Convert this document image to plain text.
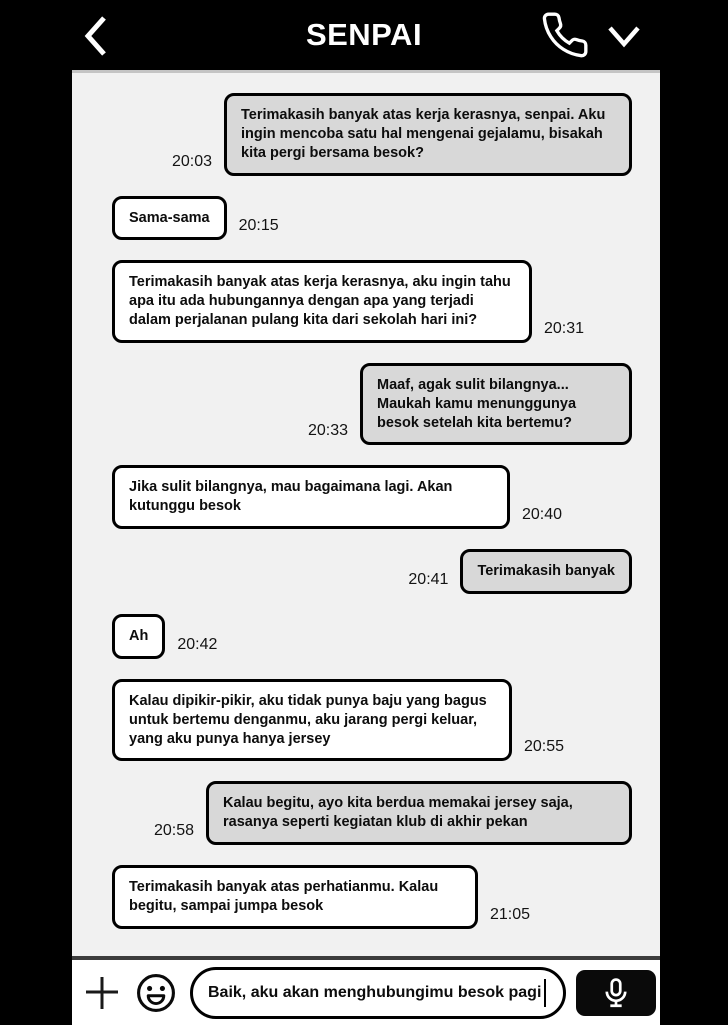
SENPAI
20:03
Terimakasih banyak atas kerja kerasnya, senpai. Aku ingin mencoba satu hal mengenai gejalamu, bisakah kita pergi bersama besok?
Sama-sama	20:15
Terimakasih banyak atas kerja kerasnya, aku ingin tahu apa itu ada hubungannya dengan apa yang terjadi dalam perjalanan pulang kita dari sekolah hari ini?	20:31
20:33
Maaf, agak sulit bilangnya... Maukah kamu menunggunya besok setelah kita bertemu?
Jika sulit bilangnya, mau bagaimana lagi. Akan kutunggu besok	20:40
20:41	Terimakasih banyak
Ah	20:42
Kalau dipikir-pikir, aku tidak punya baju yang bagus untuk bertemu denganmu, aku jarang pergi keluar, yang aku punya hanya jersey	20:55
20:58
Kalau begitu, ayo kita berdua memakai jersey saja, rasanya seperti kegiatan klub di akhir pekan
Terimakasih banyak atas perhatianmu. Kalau begitu, sampai jumpa besok	21:05
Baik, aku akan menghubungimu besok pagi
